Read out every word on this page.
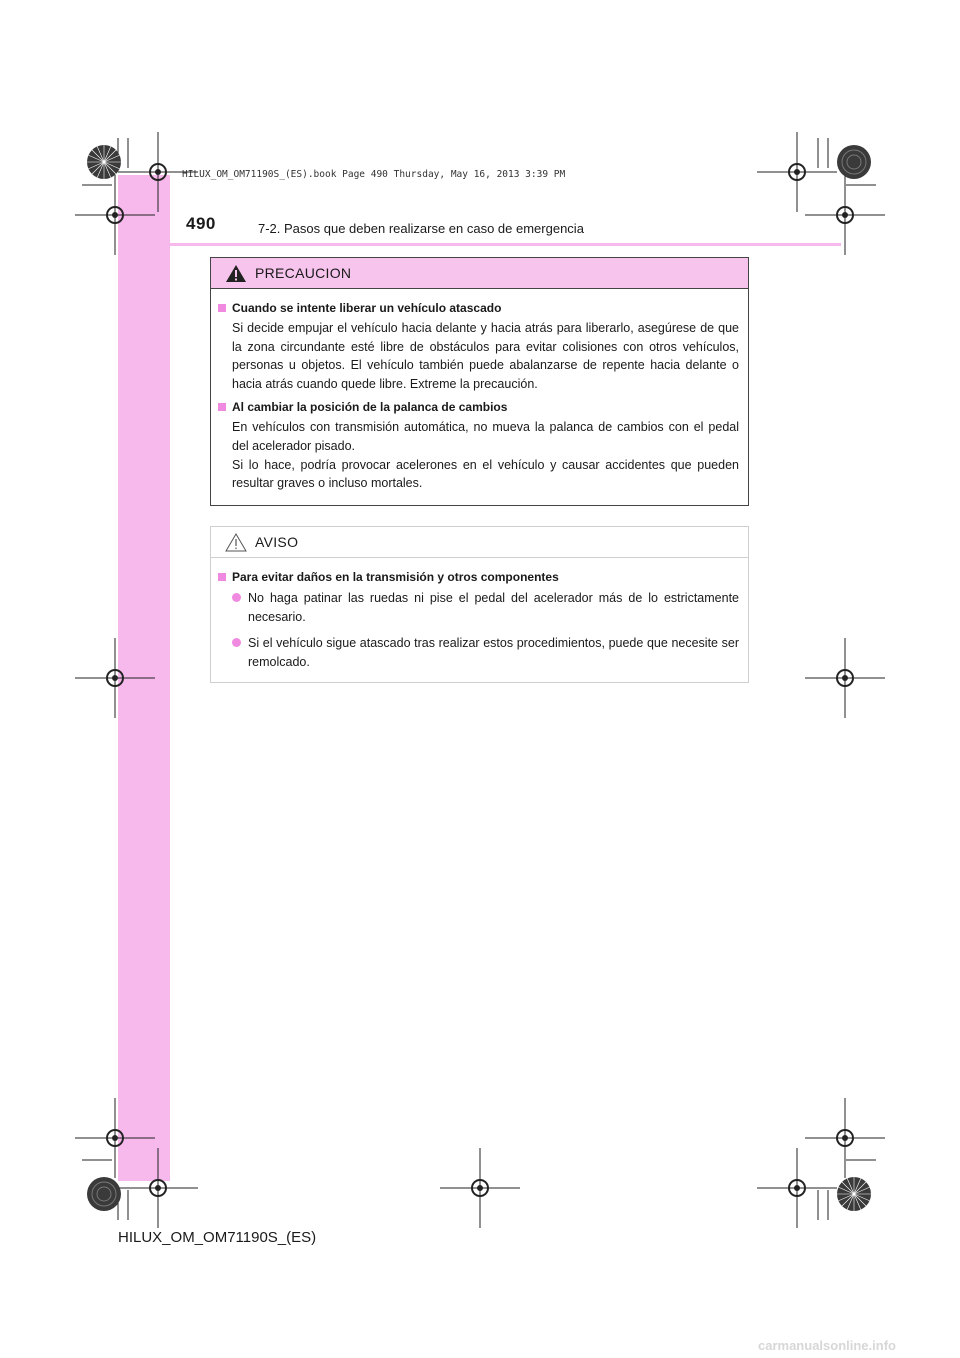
HILUX_OM_OM71190S_(ES).book Page 490 Thursday, May 16, 2013 3:39 PM
490	7-2. Pasos que deben realizarse en caso de emergencia
PRECAUCION
Cuando se intente liberar un vehículo atascado

Si decide empujar el vehículo hacia delante y hacia atrás para liberarlo, asegúrese de que la zona circundante esté libre de obstáculos para evitar colisiones con otros vehículos, personas u objetos. El vehículo también puede abalanzarse de repente hacia delante o hacia atrás cuando quede libre. Extreme la precaución.

Al cambiar la posición de la palanca de cambios

En vehículos con transmisión automática, no mueva la palanca de cambios con el pedal del acelerador pisado.

Si lo hace, podría provocar acelerones en el vehículo y causar accidentes que pueden resultar graves o incluso mortales.

AVISO
Para evitar daños en la transmisión y otros componentes
No haga patinar las ruedas ni pise el pedal del acelerador más de lo estrictamente necesario.
Si el vehículo sigue atascado tras realizar estos procedimientos, puede que necesite ser remolcado.
HILUX_OM_OM71190S_(ES)
carmanualsonline.info
